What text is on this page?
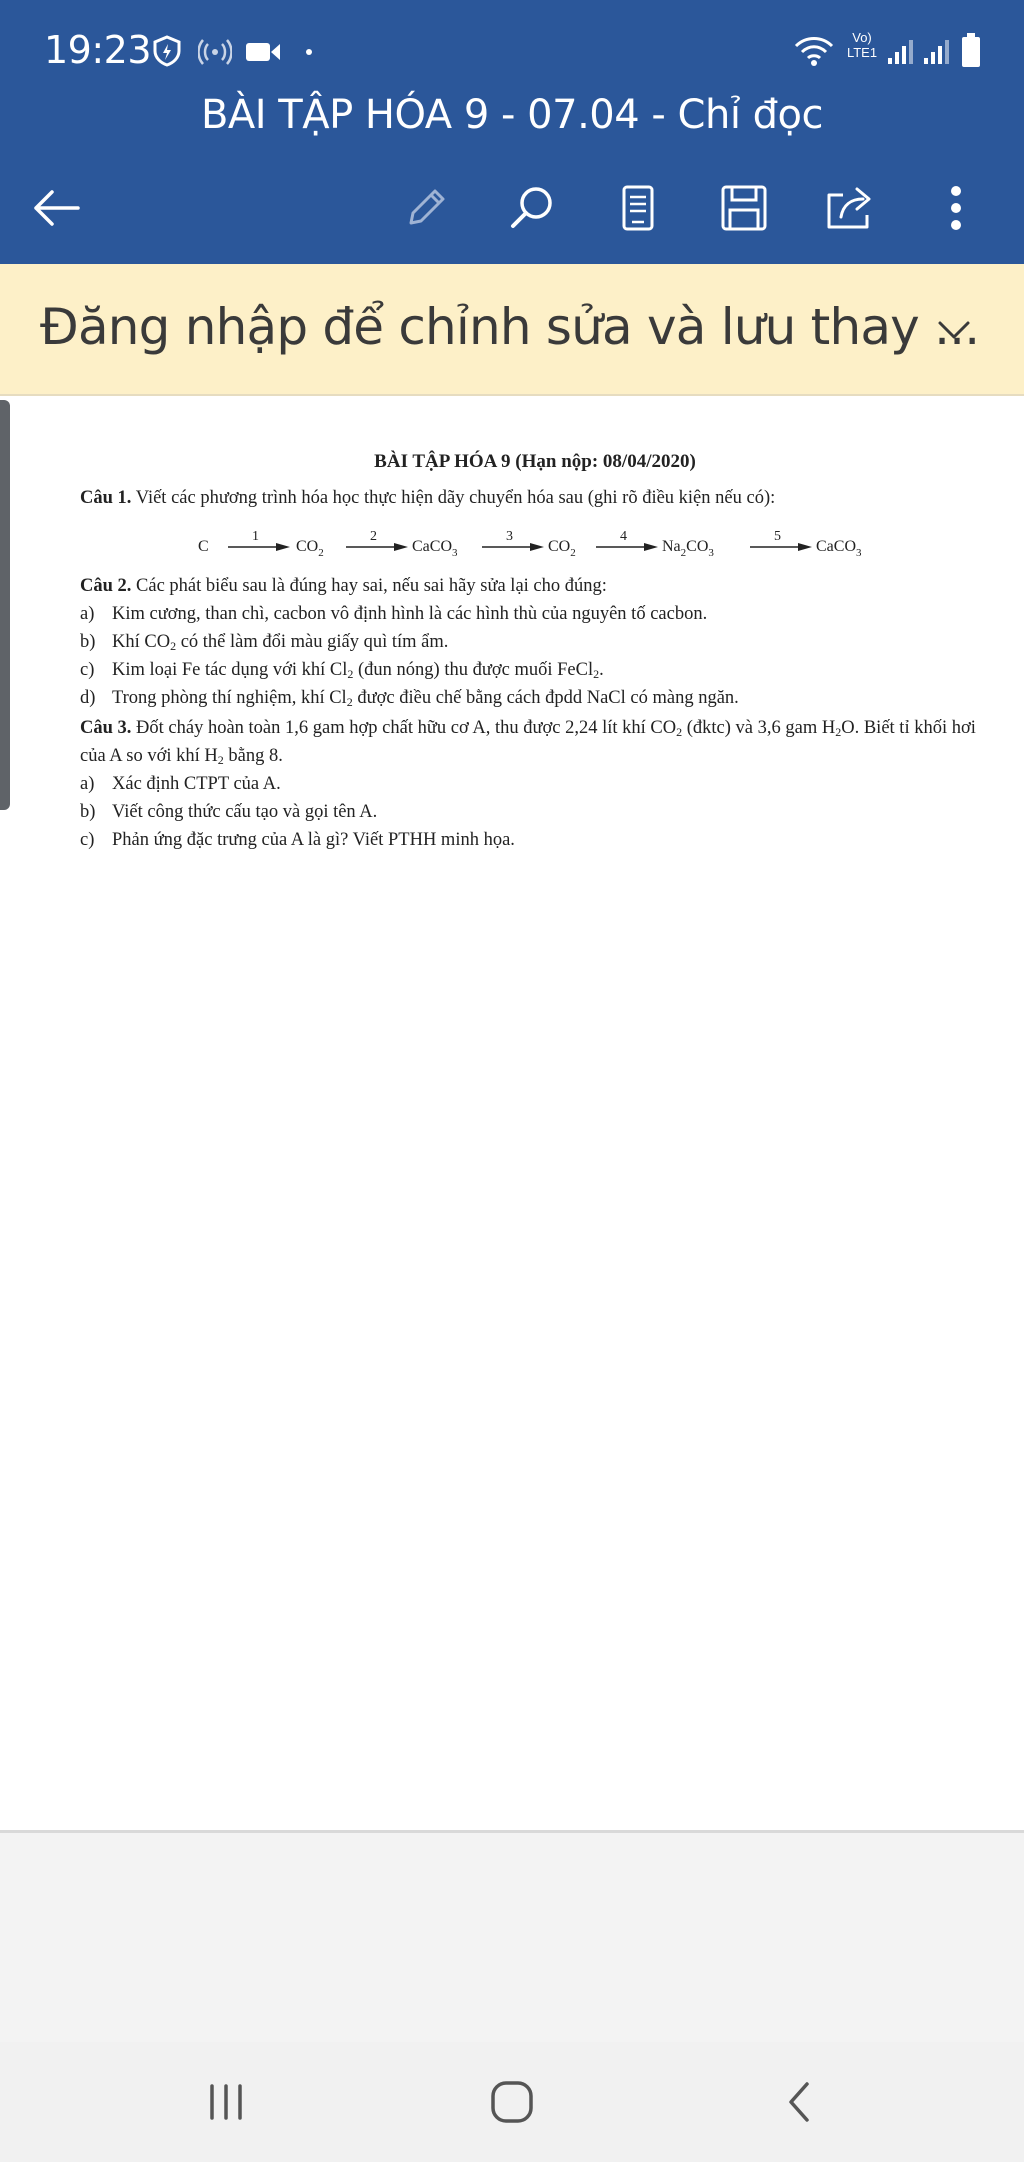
19:23	Vo)
LTE1
BÀI TẬP HÓA 9 - 07.04 - Chỉ đọc
Đăng nhập để chỉnh sửa và lưu thay ...
BÀI TẬP HÓA 9 (Hạn nộp: 08/04/2020)

Câu 1. Viết các phương trình hóa học thực hiện dãy chuyển hóa sau (ghi rõ điều kiện nếu có):

C
1
$CO_2$
2
CaCO$_3$
3
$CO_2$
4
$Na_2CO_3$
5
CaCO$_3$

Câu 2. Các phát biểu sau là đúng hay sai, nếu sai hãy sửa lại cho đúng:

a) Kim cương, than chì, cacbon vô định hình là các hình thù của nguyên tố cacbon.
b) Khí $CO_2$ có thể làm đổi màu giấy quì tím ẩm.
c) Kim loại Fe tác dụng với khí $Cl_2$ (đun nóng) thu được muối FeCl$_2$.
d) Trong phòng thí nghiệm, khí $Cl_2$ được điều chế bằng cách đpdd NaCl có màng ngăn.

Câu 3. Đốt cháy hoàn toàn 1,6 gam hợp chất hữu cơ A, thu được 2,24 lít khí $CO_2$ (đktc) và 3,6 gam $H_2O$. Biết tỉ khối hơi của A so với khí $H_2$ bằng 8.

a) Xác định CTPT của A.
b) Viết công thức cấu tạo và gọi tên A.
c) Phản ứng đặc trưng của A là gì? Viết PTHH minh họa.
